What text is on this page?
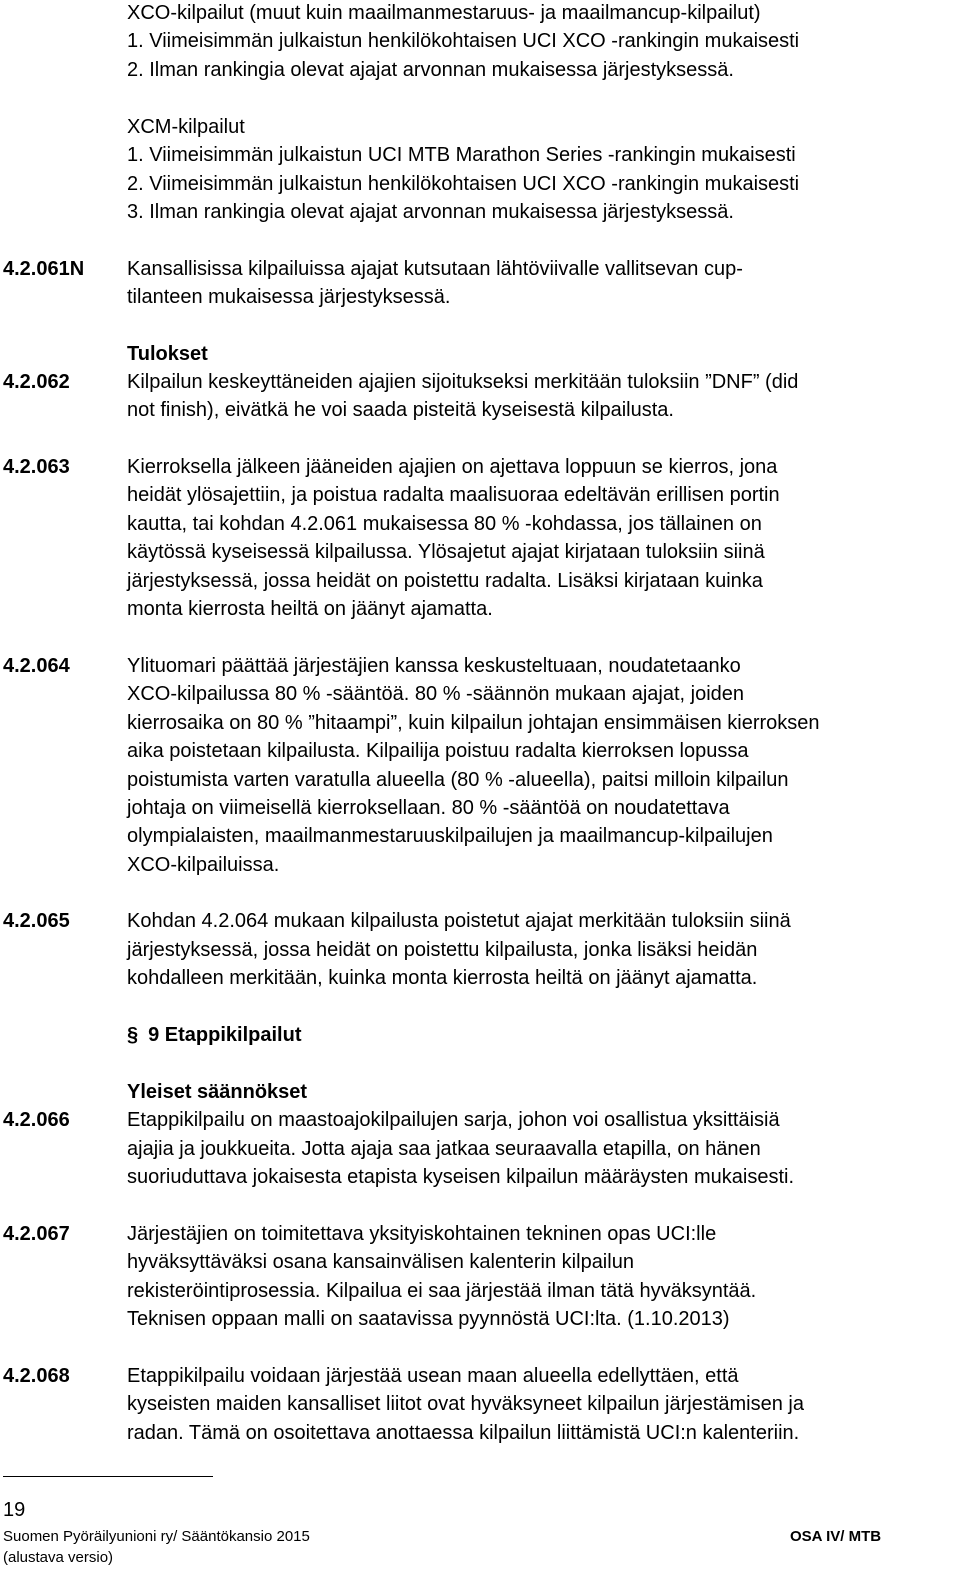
XCO-kilpailut (muut kuin maailmanmestaruus- ja maailmancup-kilpailut)
1. Viimeisimmän julkaistun henkilökohtaisen UCI XCO -rankingin mukaisesti
2. Ilman rankingia olevat ajajat arvonnan mukaisessa järjestyksessä.
XCM-kilpailut
1. Viimeisimmän julkaistun UCI MTB Marathon Series -rankingin mukaisesti
2. Viimeisimmän julkaistun henkilökohtaisen UCI XCO -rankingin mukaisesti
3. Ilman rankingia olevat ajajat arvonnan mukaisessa järjestyksessä.
4.2.061N Kansallisissa kilpailuissa ajajat kutsutaan lähtöviivalle vallitsevan cup-
tilanteen mukaisessa järjestyksessä.
Tulokset
4.2.062	Kilpailun keskeyttäneiden ajajien sijoitukseksi merkitään tuloksiin ”DNF” (did
not finish), eivätkä he voi saada pisteitä kyseisestä kilpailusta.
4.2.063	Kierroksella jälkeen jääneiden ajajien on ajettava loppuun se kierros, jona
heidät ylösajettiin, ja poistua radalta maalisuoraa edeltävän erillisen portin
kautta, tai kohdan 4.2.061 mukaisessa 80 % -kohdassa, jos tällainen on
käytössä kyseisessä kilpailussa. Ylösajetut ajajat kirjataan tuloksiin siinä
järjestyksessä, jossa heidät on poistettu radalta. Lisäksi kirjataan kuinka
monta kierrosta heiltä on jäänyt ajamatta.
4.2.064	Ylituomari päättää järjestäjien kanssa keskusteltuaan, noudatetaanko
XCO-kilpailussa 80 % -sääntöä. 80 % -säännön mukaan ajajat, joiden
kierrosaika on 80 % ”hitaampi”, kuin kilpailun johtajan ensimmäisen kierroksen
aika poistetaan kilpailusta. Kilpailija poistuu radalta kierroksen lopussa
poistumista varten varatulla alueella (80 % -alueella), paitsi milloin kilpailun
johtaja on viimeisellä kierroksellaan. 80 % -sääntöä on noudatettava
olympialaisten, maailmanmestaruuskilpailujen ja maailmancup-kilpailujen
XCO-kilpailuissa.
4.2.065	Kohdan 4.2.064 mukaan kilpailusta poistetut ajajat merkitään tuloksiin siinä
järjestyksessä, jossa heidät on poistettu kilpailusta, jonka lisäksi heidän
kohdalleen merkitään, kuinka monta kierrosta heiltä on jäänyt ajamatta.
§ 9 Etappikilpailut
Yleiset säännökset
4.2.066	Etappikilpailu on maastoajokilpailujen sarja, johon voi osallistua yksittäisiä
ajajia ja joukkueita. Jotta ajaja saa jatkaa seuraavalla etapilla, on hänen
suoriuduttava jokaisesta etapista kyseisen kilpailun määräysten mukaisesti.
4.2.067	Järjestäjien on toimitettava yksityiskohtainen tekninen opas UCI:lle
hyväksyttäväksi osana kansainvälisen kalenterin kilpailun
rekisteröintiprosessia. Kilpailua ei saa järjestää ilman tätä hyväksyntää.
Teknisen oppaan malli on saatavissa pyynnöstä UCI:lta. (1.10.2013)
4.2.068	Etappikilpailu voidaan järjestää usean maan alueella edellyttäen, että
kyseisten maiden kansalliset liitot ovat hyväksyneet kilpailun järjestämisen ja
radan. Tämä on osoitettava anottaessa kilpailun liittämistä UCI:n kalenteriin.
19
Suomen Pyöräilyunioni ry/ Sääntökansio 2015
(alustava versio)
OSA IV/ MTB
